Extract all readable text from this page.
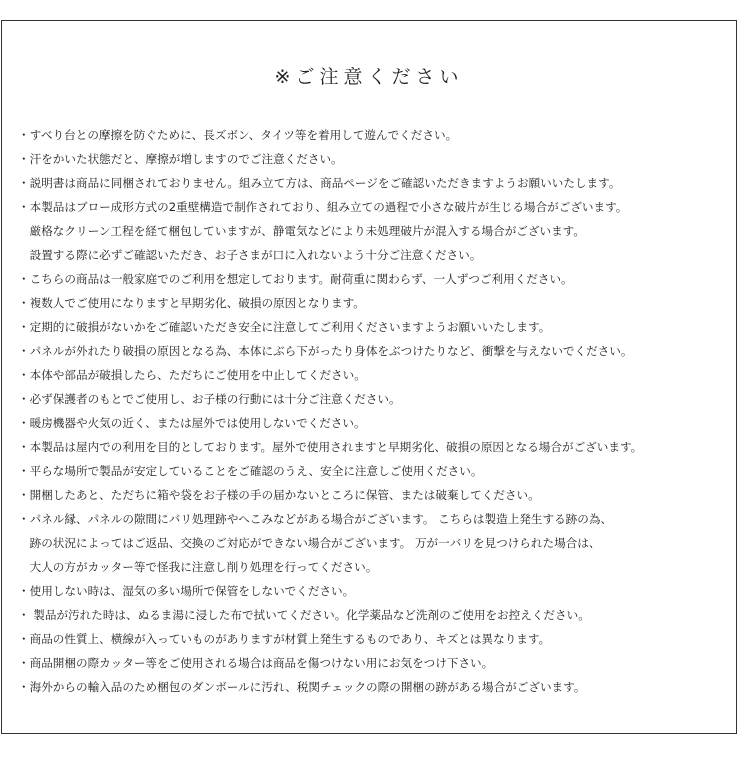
※ご注意ください
・すべり台との摩擦を防ぐために、長ズボン、タイツ等を着用して遊んでください。
・汗をかいた状態だと、摩擦が増しますのでご注意ください。
・説明書は商品に同梱されておりません。組み立て方は、商品ページをご確認いただきますようお願いいたします。
・本製品はブロー成形方式の2重壁構造で制作されており、組み立ての過程で小さな破片が生じる場合がございます。
　厳格なクリーン工程を経て梱包していますが、静電気などにより未処理破片が混入する場合がございます。
　設置する際に必ずご確認いただき、お子さまが口に入れないよう十分ご注意ください。
・こちらの商品は一般家庭でのご利用を想定しております。耐荷重に関わらず、一人ずつご利用ください。
・複数人でご使用になりますと早期劣化、破損の原因となります。
・定期的に破損がないかをご確認いただき安全に注意してご利用くださいますようお願いいたします。
・パネルが外れたり破損の原因となる為、本体にぶら下がったり身体をぶつけたりなど、衝撃を与えないでください。
・本体や部品が破損したら、ただちにご使用を中止してください。
・必ず保護者のもとでご使用し、お子様の行動には十分ご注意ください。
・暖房機器や火気の近く、または屋外では使用しないでください。
・本製品は屋内での利用を目的としております。屋外で使用されますと早期劣化、破損の原因となる場合がございます。
・平らな場所で製品が安定していることをご確認のうえ、安全に注意しご使用ください。
・開梱したあと、ただちに箱や袋をお子様の手の届かないところに保管、または破棄してください。
・パネル縁、パネルの隙間にバリ処理跡やへこみなどがある場合がございます。 こちらは製造上発生する跡の為、
　跡の状況によってはご返品、交換のご対応ができない場合がございます。 万が一バリを見つけられた場合は、
　大人の方がカッター等で怪我に注意し削り処理を行ってください。
・使用しない時は、湿気の多い場所で保管をしないでください。
・ 製品が汚れた時は、ぬるま湯に浸した布で拭いてください。化学薬品など洗剤のご使用をお控えください。
・商品の性質上、横線が入っていものがありますが材質上発生するものであり、キズとは異なります。
・商品開梱の際カッター等をご使用される場合は商品を傷つけない用にお気をつけ下さい。
・海外からの輸入品のため梱包のダンボールに汚れ、税関チェックの際の開梱の跡がある場合がございます。
